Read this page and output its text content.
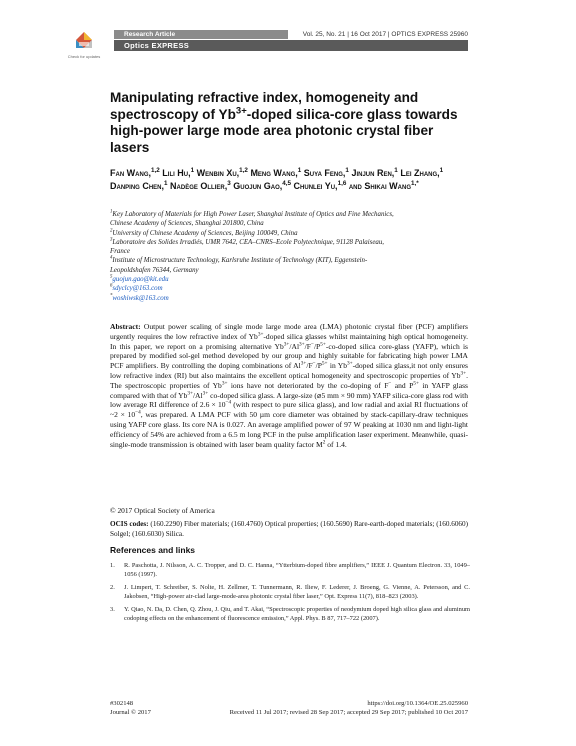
Check for updates
Research Article	Vol. 25, No. 21 | 16 Oct 2017 | OPTICS EXPRESS 25960
Optics EXPRESS
Manipulating refractive index, homogeneity and spectroscopy of $Yb^{3+}$-doped silica-core glass towards high-power large mode area photonic crystal fiber lasers
Fan Wang,$^{1,2}$ Lili Hu,$^1$ Wenbin Xu,$^{1,2}$ Meng Wang,$^1$ Suya Feng,$^1$ Jinjun Ren,$^1$ Lei Zhang,$^1$ Danping Chen,$^1$ Nadège Ollier,$^3$ Guojun Gao,$^{4,5}$ Chunlei Yu,$^{1,6}$ and Shikai Wang$^{1,*}$
$^1$Key Laboratory of Materials for High Power Laser, Shanghai Institute of Optics and Fine Mechanics,
Chinese Academy of Sciences, Shanghai 201800, China
$^2$University of Chinese Academy of Sciences, Beijing 100049, China
$^3$Laboratoire des Solides Irradiés, UMR 7642, CEA–CNRS–Ecole Polytechnique, 91128 Palaiseau,
France
$^4$Institute of Microstructure Technology, Karlsruhe Institute of Technology (KIT), Eggenstein-
Leopoldshafen 76344, Germany
$^5$guojun.gao@kit.edu
$^6$sdyclcy@163.com
*woshiwsk@163.com

Abstract: Output power scaling of single mode large mode area (LMA) photonic crystal fiber (PCF) amplifiers urgently requires the low refractive index of $Yb^{3+}$-doped silica glasses whilst maintaining high optical homogeneity. In this paper, we report on a promising alternative $Yb^{3+}/Al^{3+}/F^-/P^{5+}-co$-doped silica core-glass (YAFP), which is prepared by modified sol-gel method developed by our group and highly suitable for fabricating high power LMA PCF amplifiers. By controlling the doping combinations of $Al^{3+}/F^-/P^{5+}$ in $Yb^{3+}$-doped silica glass,it not only ensures low refractive index (RI) but also maintains the excellent optical homogeneity and spectroscopic properties of $Yb^{3+}$. The spectroscopic properties of $Yb^{3+}$ ions have not deteriorated by the co-doping of F− and $P^{5+}$ in YAFP glass compared with that of $Yb^{3+}/Al^{3+}$ co-doped silica glass. A large-size (⌀5 mm × 90 mm) YAFP silica-core glass rod with low average RI difference of $2.6 \times 10^{-4}$ (with respect to pure silica glass), and low radial and axial RI fluctuations of ~2 × $10^{-4}$, was prepared. A LMA PCF with 50 µm core diameter was obtained by stack-capillary-draw techniques using YAFP core glass. Its core NA is 0.027. An average amplified power of 97 W peaking at 1030 nm and light-light efficiency of 54% are achieved from a 6.5 m long PCF in the pulse amplification laser experiment. Meanwhile, quasi-single-mode transmission is obtained with laser beam quality factor $M^2$ of 1.4.

© 2017 Optical Society of America

OCIS codes: (160.2290) Fiber materials; (160.4760) Optical properties; (160.5690) Rare-earth-doped materials; (160.6060) Solgel; (160.6030) Silica.

References and links
1. R. Paschotta, J. Nilsson, A. C. Tropper, and D. C. Hanna, “Ytterbium-doped fibre amplifiers,” IEEE J. Quantum Electron. 33, 1049–1056 (1997).
2. J. Limpert, T. Schreiber, S. Nolte, H. Zellmer, T. Tunnermann, R. Iliew, F. Lederer, J. Broeng, G. Vienne, A. Petersson, and C. Jakobsen, “High-power air-clad large-mode-area photonic crystal fiber laser,” Opt. Express 11(7), 818–823 (2003).
3. Y. Qiao, N. Da, D. Chen, Q. Zhou, J. Qiu, and T. Akai, “Spectroscopic properties of neodymium doped high silica glass and aluminum codoping effects on the enhancement of fluorescence emission,” Appl. Phys. B 87, 717–722 (2007).
#302148
Journal © 2017
https://doi.org/10.1364/OE.25.025960
Received 11 Jul 2017; revised 28 Sep 2017; accepted 29 Sep 2017; published 10 Oct 2017
